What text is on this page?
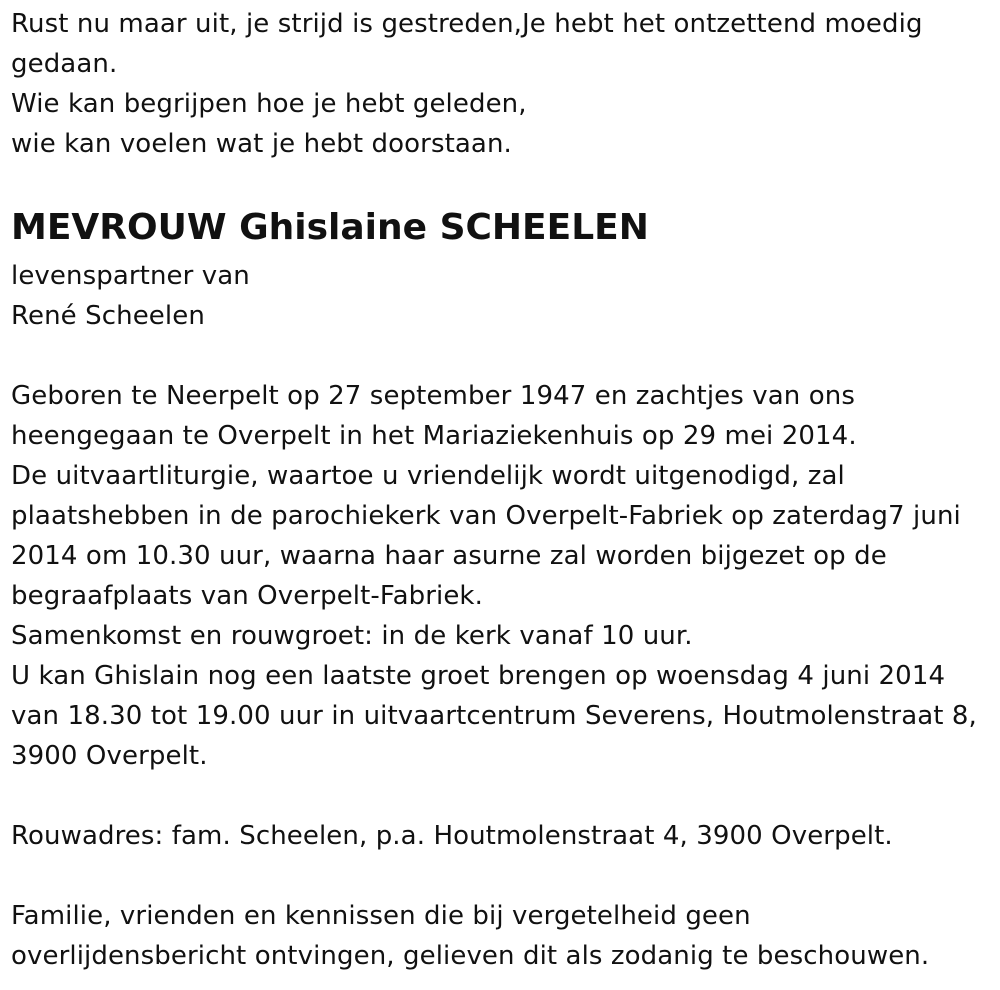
Rust nu maar uit, je strijd is gestreden,Je hebt het ontzettend moedig
gedaan.
Wie kan begrijpen hoe je hebt geleden,
wie kan voelen wat je hebt doorstaan.
MEVROUW Ghislaine SCHEELEN
levenspartner van
René Scheelen
Geboren te Neerpelt op 27 september 1947 en zachtjes van ons
heengegaan te Overpelt in het Mariaziekenhuis op 29 mei 2014.
De uitvaartliturgie, waartoe u vriendelijk wordt uitgenodigd, zal
plaatshebben in de parochiekerk van Overpelt-Fabriek op zaterdag7 juni
2014 om 10.30 uur, waarna haar asurne zal worden bijgezet op de
begraafplaats van Overpelt-Fabriek.
Samenkomst en rouwgroet: in de kerk vanaf 10 uur.
U kan Ghislain nog een laatste groet brengen op woensdag 4 juni 2014
van 18.30 tot 19.00 uur in uitvaartcentrum Severens, Houtmolenstraat 8,
3900 Overpelt.
Rouwadres: fam. Scheelen, p.a. Houtmolenstraat 4, 3900 Overpelt.
Familie, vrienden en kennissen die bij vergetelheid geen
overlijdensbericht ontvingen, gelieven dit als zodanig te beschouwen.
